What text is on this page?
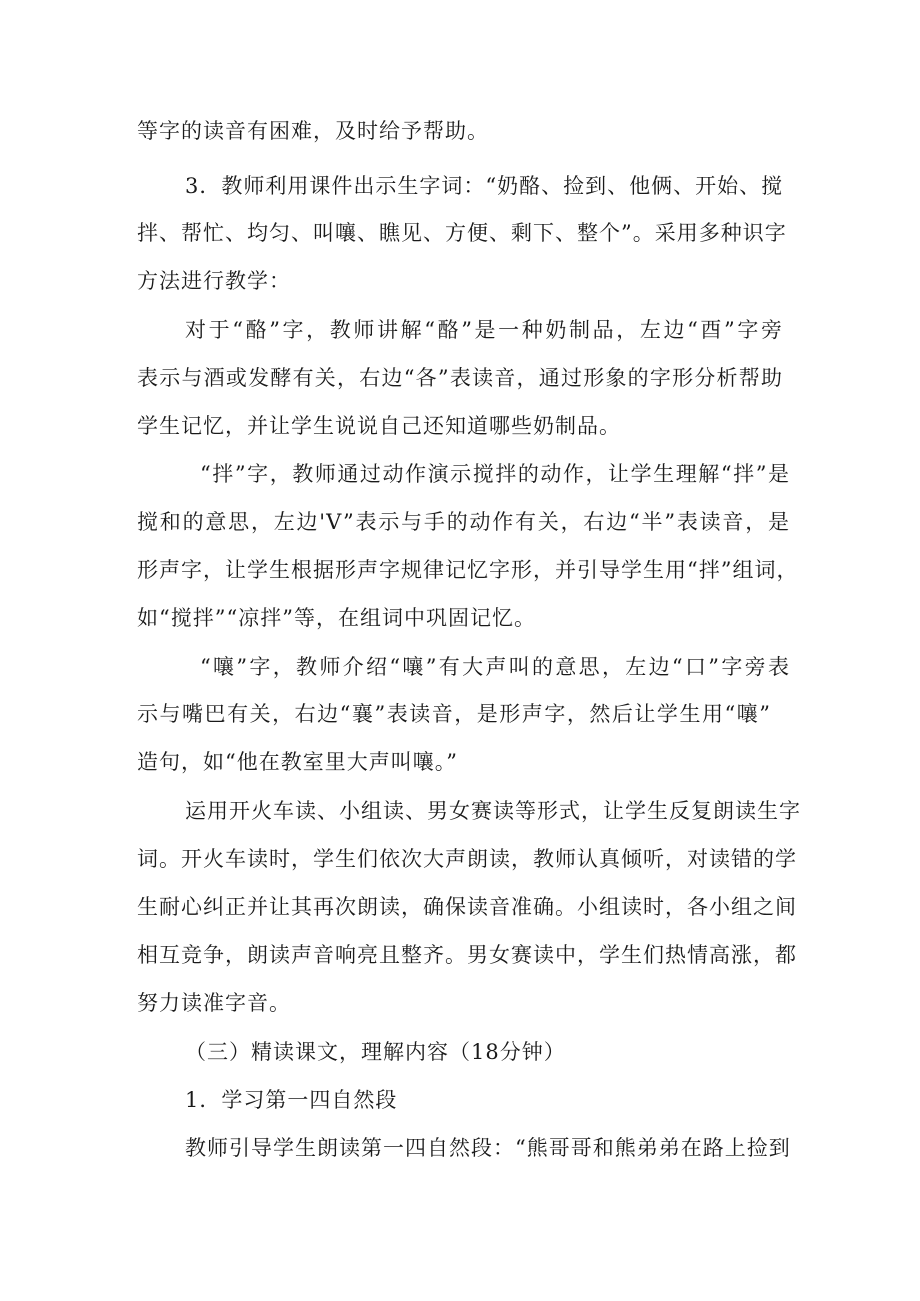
等字的读音有困难，及时给予帮助。
3．教师利用课件出示生字词：“奶酪、捡到、他俩、开始、搅
拌、帮忙、均匀、叫嚷、瞧见、方便、剩下、整个”。采用多种识字
方法进行教学：
对于“酪”字，教师讲解“酪”是一种奶制品，左边“酉”字旁
表示与酒或发酵有关，右边“各”表读音，通过形象的字形分析帮助
学生记忆，并让学生说说自己还知道哪些奶制品。
“拌”字，教师通过动作演示搅拌的动作，让学生理解“拌”是
搅和的意思，左边'V”表示与手的动作有关，右边“半”表读音，是
形声字，让学生根据形声字规律记忆字形，并引导学生用“拌”组词，
如“搅拌”“凉拌”等，在组词中巩固记忆。
“嚷”字，教师介绍“嚷”有大声叫的意思，左边“口”字旁表
示与嘴巴有关，右边“襄”表读音，是形声字，然后让学生用“嚷”
造句，如“他在教室里大声叫嚷。”
运用开火车读、小组读、男女赛读等形式，让学生反复朗读生字
词。开火车读时，学生们依次大声朗读，教师认真倾听，对读错的学
生耐心纠正并让其再次朗读，确保读音准确。小组读时，各小组之间
相互竞争，朗读声音响亮且整齐。男女赛读中，学生们热情高涨，都
努力读准字音。
（三）精读课文，理解内容（18分钟）
1．学习第一四自然段
教师引导学生朗读第一四自然段：“熊哥哥和熊弟弟在路上捡到
